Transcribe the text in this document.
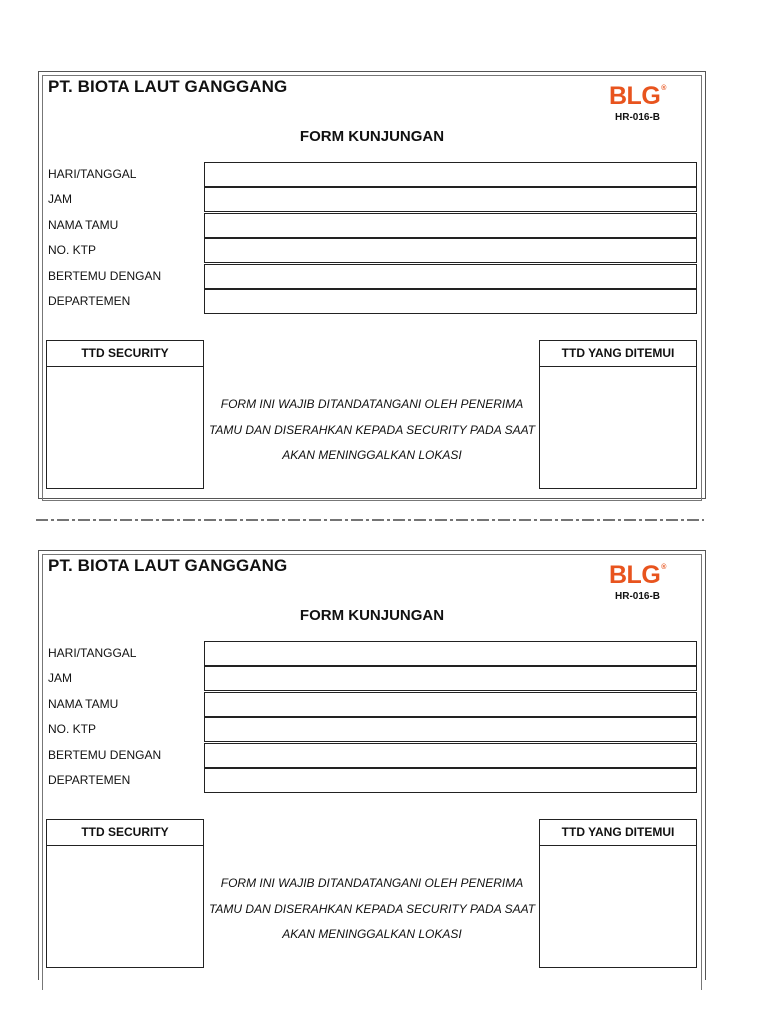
PT. BIOTA LAUT GANGGANG	BLG®
HR-016-B
FORM KUNJUNGAN
HARI/TANGGAL
JAM
NAMA TAMU
NO. KTP
BERTEMU DENGAN
DEPARTEMEN
TTD SECURITY
FORM INI WAJIB DITANDATANGANI OLEH PENERIMA
TAMU DAN DISERAHKAN KEPADA SECURITY PADA SAAT
AKAN MENINGGALKAN LOKASI
TTD YANG DITEMUI
PT. BIOTA LAUT GANGGANG	BLG®
HR-016-B
FORM KUNJUNGAN
HARI/TANGGAL
JAM
NAMA TAMU
NO. KTP
BERTEMU DENGAN
DEPARTEMEN
TTD SECURITY
FORM INI WAJIB DITANDATANGANI OLEH PENERIMA
TAMU DAN DISERAHKAN KEPADA SECURITY PADA SAAT
AKAN MENINGGALKAN LOKASI
TTD YANG DITEMUI
